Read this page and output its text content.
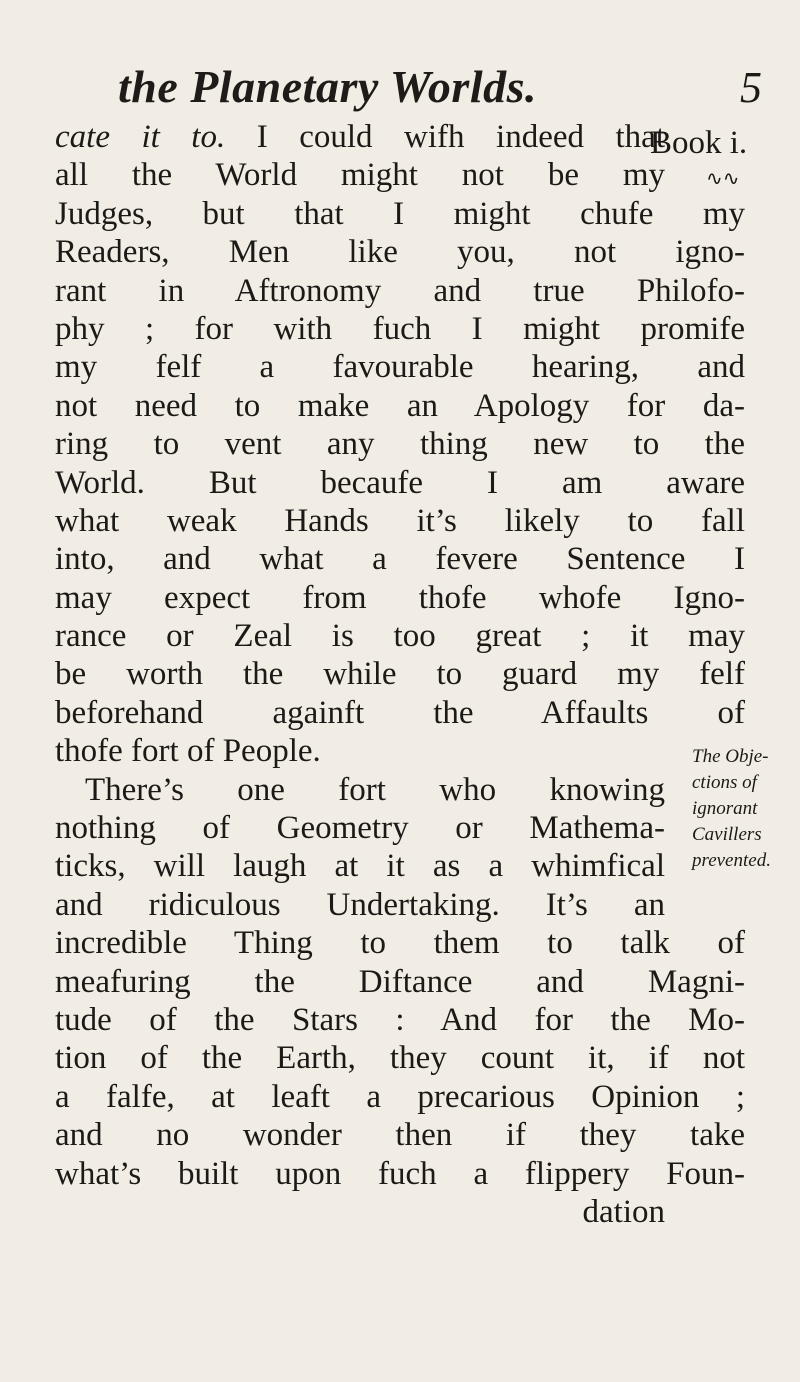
the Planetary Worlds.	5
Book i.
∿∿
cate it to. I could wifh indeed that
all the World might not be my
Judges, but that I might chufe my
Readers, Men like you, not igno-
rant in Aftronomy and true Philofo-
phy ; for with fuch I might promife
my felf a favourable hearing, and
not need to make an Apology for da-
ring to vent any thing new to the
World. But becaufe I am aware
what weak Hands it’s likely to fall
into, and what a fevere Sentence I
may expect from thofe whofe Igno-
rance or Zeal is too great ; it may
be worth the while to guard my felf
beforehand againft the Affaults of
thofe fort of People.
There’s one fort who knowing
nothing of Geometry or Mathema-
ticks, will laugh at it as a whimfical
and ridiculous Undertaking. It’s an
incredible Thing to them to talk of
meafuring the Diftance and Magni-
tude of the Stars : And for the Mo-
tion of the Earth, they count it, if not
a falfe, at leaft a precarious Opinion ;
and no wonder then if they take
what’s built upon fuch a flippery Foun-
dation
The Obje-
ctions of
ignorant
Cavillers
prevented.
